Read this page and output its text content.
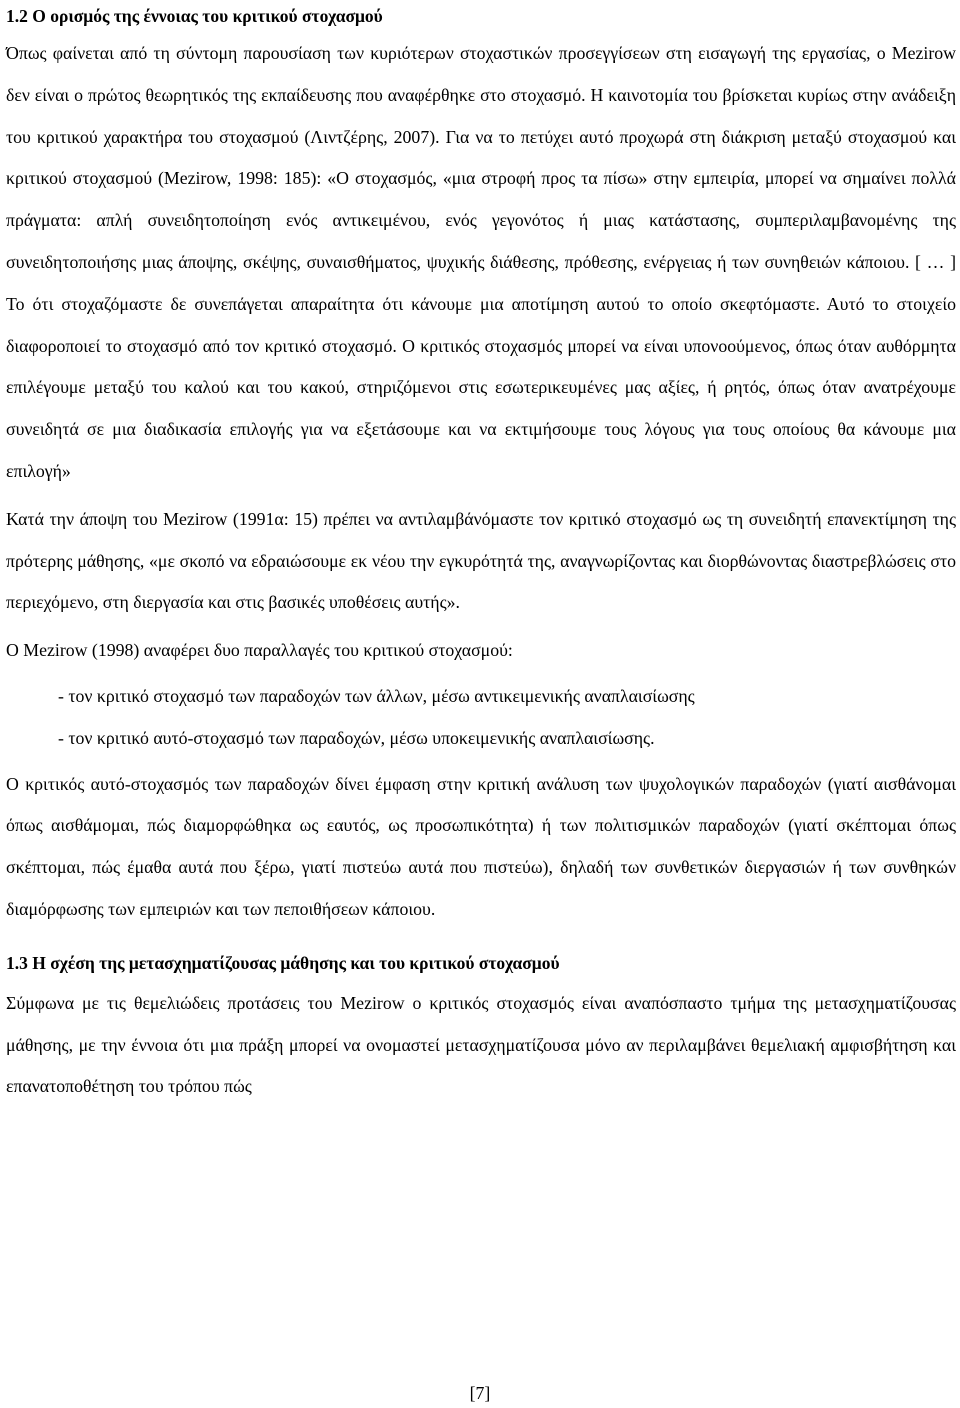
1.2 Ο ορισμός της έννοιας του κριτικού στοχασμού

Όπως φαίνεται από τη σύντομη παρουσίαση των κυριότερων στοχαστικών προσεγγίσεων στη εισαγωγή της εργασίας, ο Mezirow δεν είναι ο πρώτος θεωρητικός της εκπαίδευσης που αναφέρθηκε στο στοχασμό. Η καινοτομία του βρίσκεται κυρίως στην ανάδειξη του κριτικού χαρακτήρα του στοχασμού (Λιντζέρης, 2007). Για να το πετύχει αυτό προχωρά στη διάκριση μεταξύ στοχασμού και κριτικού στοχασμού (Mezirow, 1998: 185): «Ο στοχασμός, «μια στροφή προς τα πίσω» στην εμπειρία, μπορεί να σημαίνει πολλά πράγματα: απλή συνειδητοποίηση ενός αντικειμένου, ενός γεγονότος ή μιας κατάστασης, συμπεριλαμβανομένης της συνειδητοποιήσης μιας άποψης, σκέψης, συναισθήματος, ψυχικής διάθεσης, πρόθεσης, ενέργειας ή των συνηθειών κάποιου. [ … ] Το ότι στοχαζόμαστε δε συνεπάγεται απαραίτητα ότι κάνουμε μια αποτίμηση αυτού το οποίο σκεφτόμαστε. Αυτό το στοιχείο διαφοροποιεί το στοχασμό από τον κριτικό στοχασμό. Ο κριτικός στοχασμός μπορεί να είναι υπονοούμενος, όπως όταν αυθόρμητα επιλέγουμε μεταξύ του καλού και του κακού, στηριζόμενοι στις εσωτερικευμένες μας αξίες, ή ρητός, όπως όταν ανατρέχουμε συνειδητά σε μια διαδικασία επιλογής για να εξετάσουμε και να εκτιμήσουμε τους λόγους για τους οποίους θα κάνουμε μια επιλογή»

Κατά την άποψη του Mezirow (1991α: 15) πρέπει να αντιλαμβάνόμαστε τον κριτικό στοχασμό ως τη συνειδητή επανεκτίμηση της πρότερης μάθησης, «με σκοπό να εδραιώσουμε εκ νέου την εγκυρότητά της, αναγνωρίζοντας και διορθώνοντας διαστρεβλώσεις στο περιεχόμενο, στη διεργασία και στις βασικές υποθέσεις αυτής».

Ο Mezirow (1998) αναφέρει δυο παραλλαγές του κριτικού στοχασμού:

- τον κριτικό στοχασμό των παραδοχών των άλλων, μέσω αντικειμενικής αναπλαισίωσης

- τον κριτικό αυτό-στοχασμό των παραδοχών, μέσω υποκειμενικής αναπλαισίωσης.

Ο κριτικός αυτό-στοχασμός των παραδοχών δίνει έμφαση στην κριτική ανάλυση των ψυχολογικών παραδοχών (γιατί αισθάνομαι όπως αισθάμομαι, πώς διαμορφώθηκα ως εαυτός, ως προσωπικότητα) ή των πολιτισμικών παραδοχών (γιατί σκέπτομαι όπως σκέπτομαι, πώς έμαθα αυτά που ξέρω, γιατί πιστεύω αυτά που πιστεύω), δηλαδή των συνθετικών διεργασιών ή των συνθηκών διαμόρφωσης των εμπειριών και των πεποιθήσεων κάποιου.

1.3 Η σχέση της μετασχηματίζουσας μάθησης και του κριτικού στοχασμού

Σύμφωνα με τις θεμελιώδεις προτάσεις του Mezirow ο κριτικός στοχασμός είναι αναπόσπαστο τμήμα της μετασχηματίζουσας μάθησης, με την έννοια ότι μια πράξη μπορεί να ονομαστεί μετασχηματίζουσα μόνο αν περιλαμβάνει θεμελιακή αμφισβήτηση και επανατοποθέτηση του τρόπου πώς

[7]
